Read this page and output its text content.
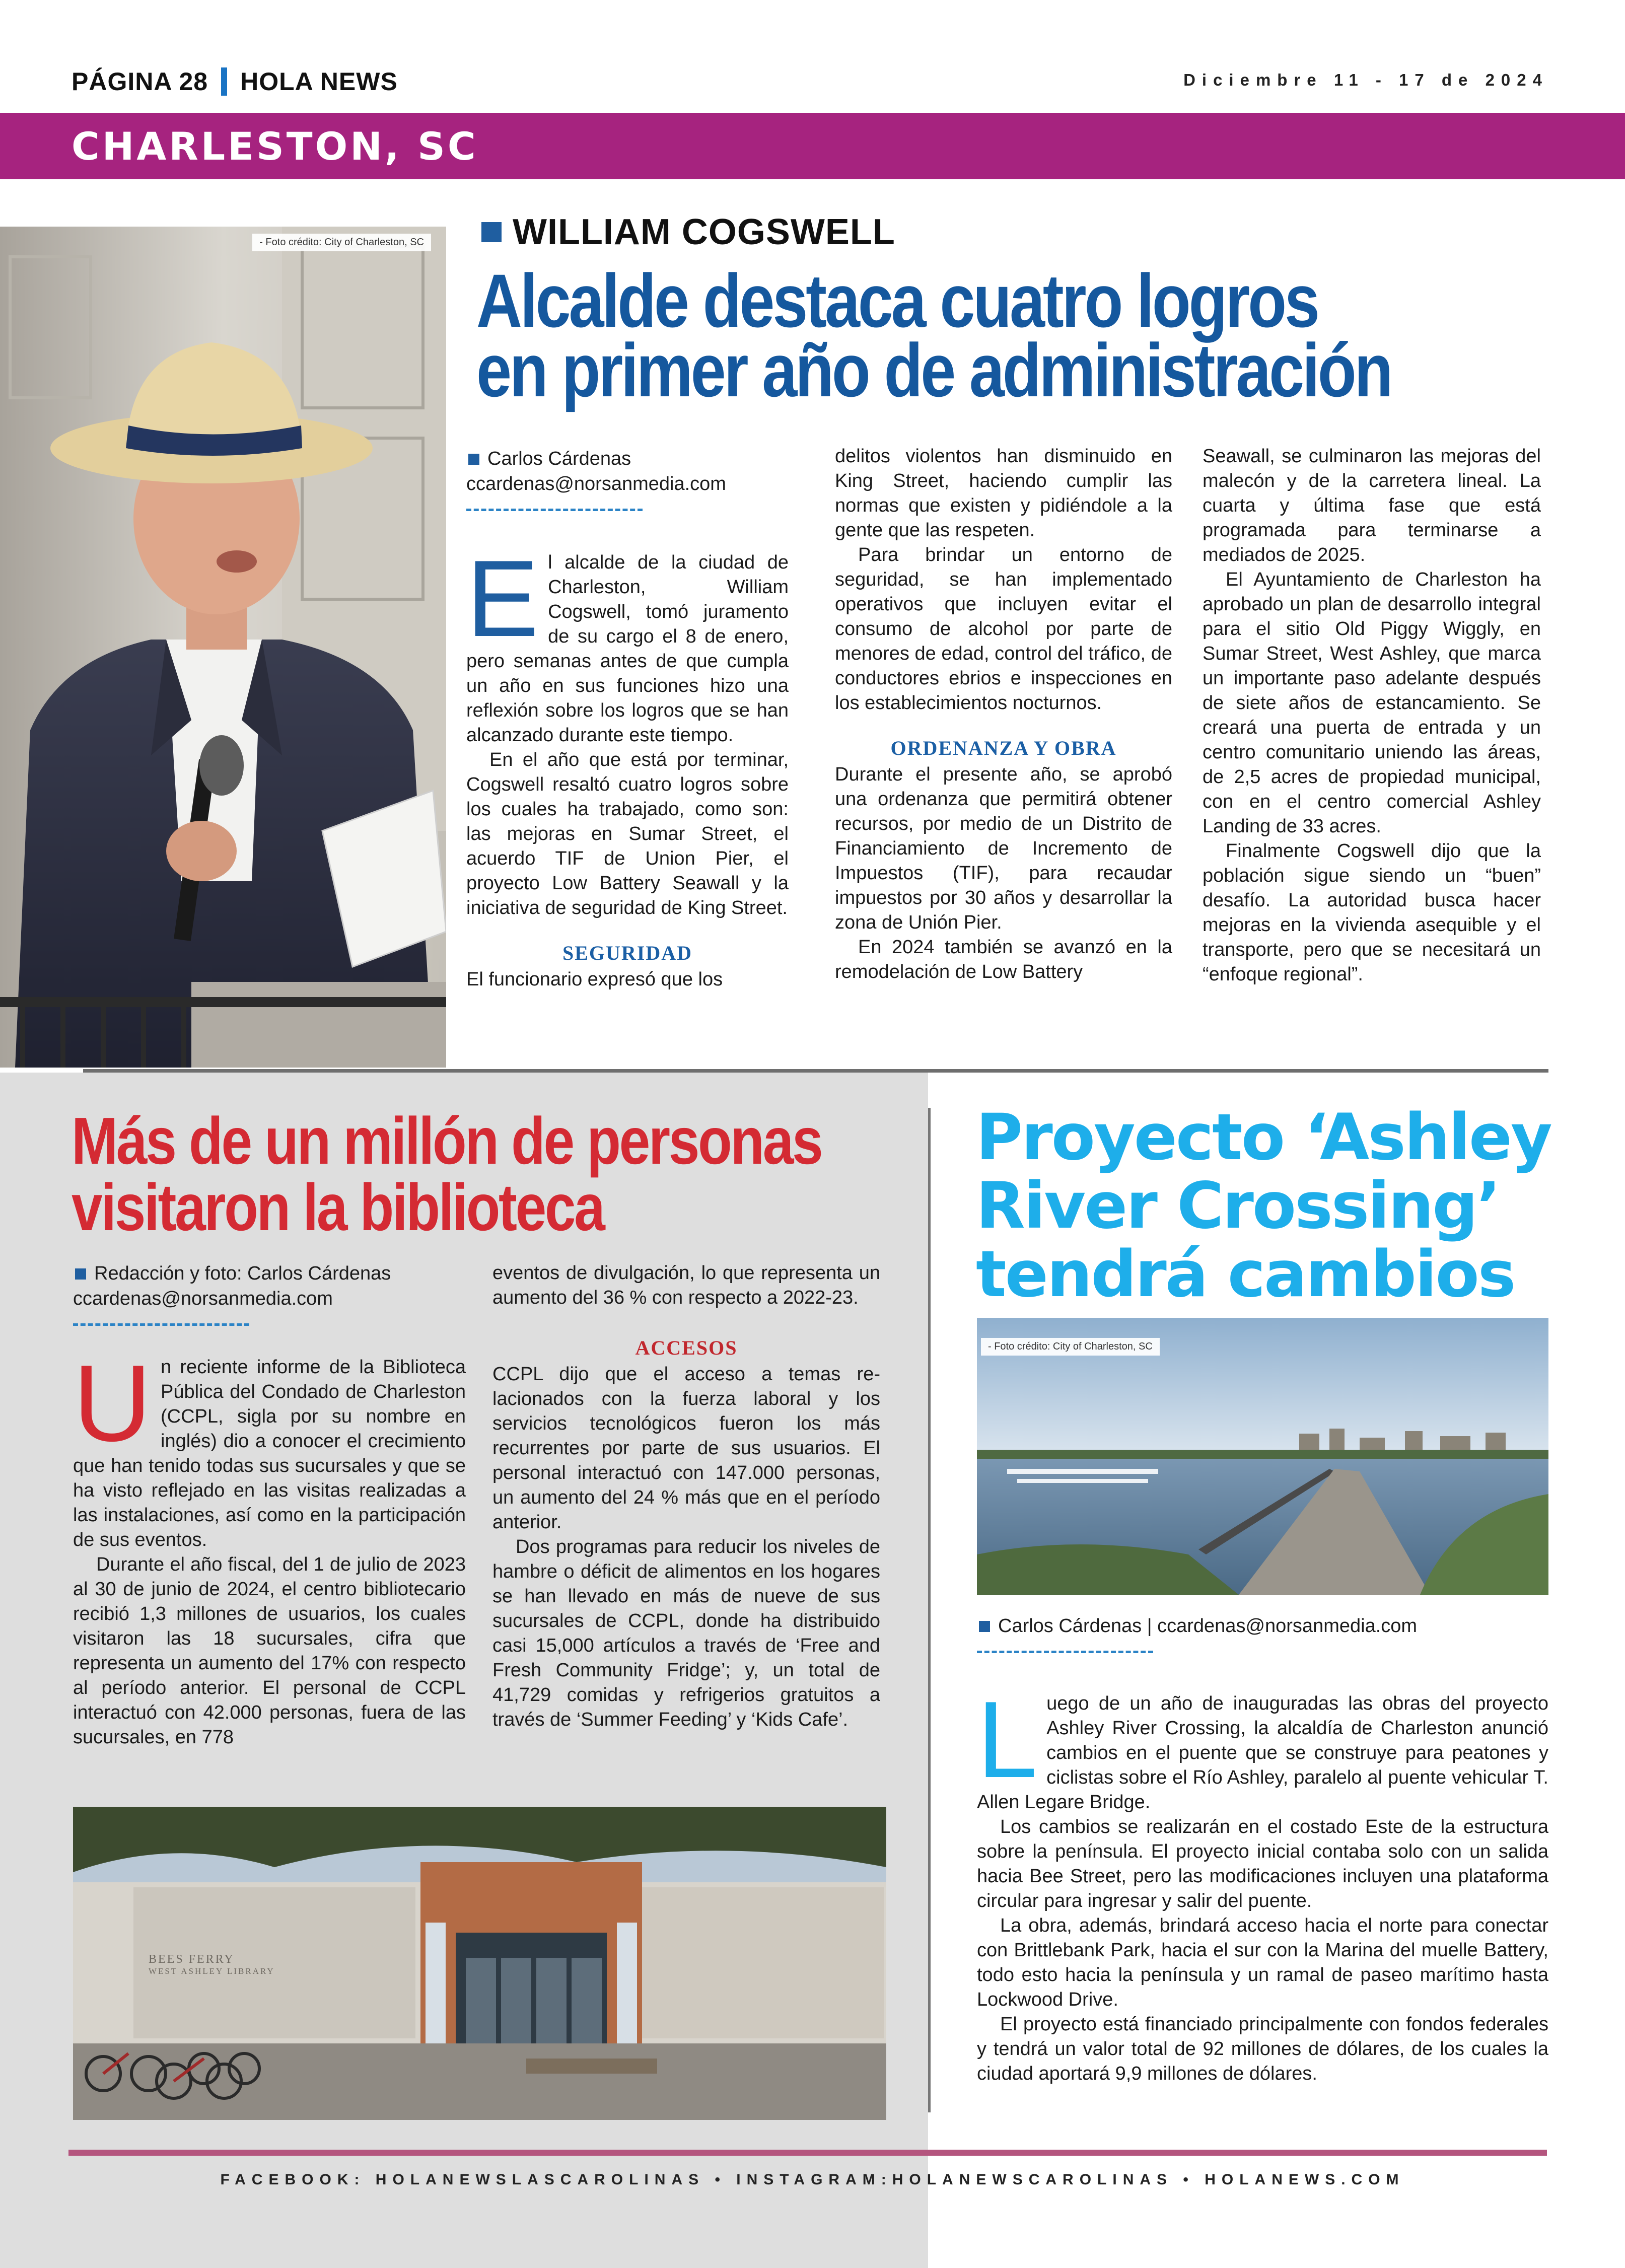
PÁGINA 28 HOLA NEWS	Diciembre 11 - 17 de 2024
CHARLESTON, SC
- Foto crédito: City of Charleston, SC WILLIAM COGSWELL
Alcalde destaca cuatro logros
en primer año de administración
Carlos Cárdenas
ccardenas@norsanmedia.com

El alcalde de la ciudad de Charleston, William Cogswell, tomó juramento de su cargo el 8 de enero, pero semanas antes de que cumpla un año en sus funciones hizo una reflexión sobre los logros que se han alcanzado durante este tiempo.

En el año que está por terminar, Cogswell resaltó cuatro logros sobre los cuales ha trabajado, como son: las mejoras en Sumar Street, el acuerdo TIF de Union Pier, el proyecto Low Battery Seawall y la iniciativa de seguridad de King Street.

SEGURIDAD

El funcionario expresó que los

delitos violentos han disminuido en King Street, haciendo cumplir las normas que existen y pidiéndole a la gente que las respeten.

Para brindar un entorno de seguridad, se han implementado operativos que incluyen evitar el consumo de alcohol por parte de menores de edad, control del tráfico, de conductores ebrios e inspecciones en los establecimientos nocturnos.

ORDENANZA Y OBRA

Durante el presente año, se aprobó una ordenanza que permitirá obtener recursos, por medio de un Distrito de Financiamiento de Incremento de Impuestos (TIF), para recaudar impuestos por 30 años y desarrollar la zona de Unión Pier.

En 2024 también se avanzó en la remodelación de Low Battery

Seawall, se culminaron las mejoras del malecón y de la carretera lineal. La cuarta y última fase que está programada para terminarse a mediados de 2025.

El Ayuntamiento de Charleston ha aprobado un plan de desarrollo integral para el sitio Old Piggy Wiggly, en Sumar Street, West Ashley, que marca un importante paso adelante después de siete años de estancamiento. Se creará una puerta de entrada y un centro comunitario uniendo las áreas, de 2,5 acres de propiedad municipal, con en el centro comercial Ashley Landing de 33 acres.

Finalmente Cogswell dijo que la población sigue siendo un “buen” desafío. La autoridad busca hacer mejoras en la vivienda asequible y el transporte, pero que se necesitará un “enfoque regional”.

Más de un millón de personas
visitaron la biblioteca
Redacción y foto: Carlos Cárdenas
ccardenas@norsanmedia.com

Un reciente informe de la Biblioteca Pública del Condado de Charleston (CCPL, sigla por su nombre en inglés) dio a conocer el crecimiento que han tenido todas sus sucursales y que se ha visto reflejado en las visitas realizadas a las instalaciones, así como en la participación de sus eventos.

Durante el año fiscal, del 1 de julio de 2023 al 30 de junio de 2024, el centro bibliotecario recibió 1,3 millones de usuarios, los cuales visitaron las 18 sucursales, cifra que representa un aumento del 17% con respecto al período anterior. El personal de CCPL interactuó con 42.000 personas, fuera de las sucursales, en 778

eventos de divulgación, lo que representa un aumento del 36 % con respecto a 2022-23.

ACCESOS

CCPL dijo que el acceso a temas relacionados con la fuerza laboral y los servicios tecnológicos fueron los más recurrentes por parte de sus usuarios. El personal interactuó con 147.000 personas, un aumento del 24 % más que en el período anterior.

Dos programas para reducir los niveles de hambre o déficit de alimentos en los hogares se han llevado en más de nueve de sus sucursales de CCPL, donde ha distribuido casi 15,000 artículos a través de ‘Free and Fresh Community Fridge’; y, un total de 41,729 comidas y refrigerios gratuitos a través de ‘Summer Feeding’ y ‘Kids Cafe’.

BEES FERRY
WEST ASHLEY LIBRARY
Proyecto ‘Ashley
River Crossing’
tendrá cambios
- Foto crédito: City of Charleston, SC
Carlos Cárdenas | ccardenas@norsanmedia.com

Luego de un año de inauguradas las obras del proyecto Ashley River Crossing, la alcaldía de Charleston anunció cambios en el puente que se construye para peatones y ciclistas sobre el Río Ashley, paralelo al puente vehicular T. Allen Legare Bridge.

Los cambios se realizarán en el costado Este de la estructura sobre la península. El proyecto inicial contaba solo con un salida hacia Bee Street, pero las modificaciones incluyen una plataforma circular para ingresar y salir del puente.

La obra, además, brindará acceso hacia el norte para conectar con Brittlebank Park, hacia el sur con la Marina del muelle Battery, todo esto hacia la península y un ramal de paseo marítimo hasta Lockwood Drive.

El proyecto está financiado principalmente con fondos federales y tendrá un valor total de 92 millones de dólares, de los cuales la ciudad aportará 9,9 millones de dólares.

FACEBOOK: HOLANEWSLASCAROLINAS • INSTAGRAM:HOLANEWSCAROLINAS • HOLANEWS.COM
